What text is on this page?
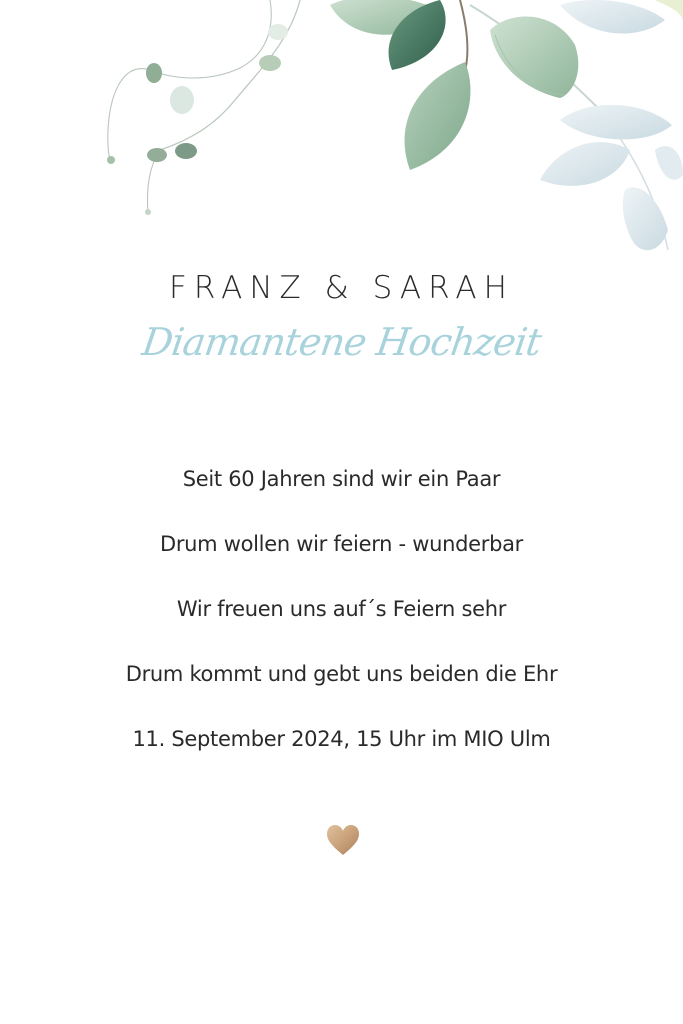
FRANZ & SARAH
Diamantene Hochzeit
Seit 60 Jahren sind wir ein Paar
Drum wollen wir feiern - wunderbar
Wir freuen uns auf´s Feiern sehr
Drum kommt und gebt uns beiden die Ehr
11. September 2024, 15 Uhr im MIO Ulm
